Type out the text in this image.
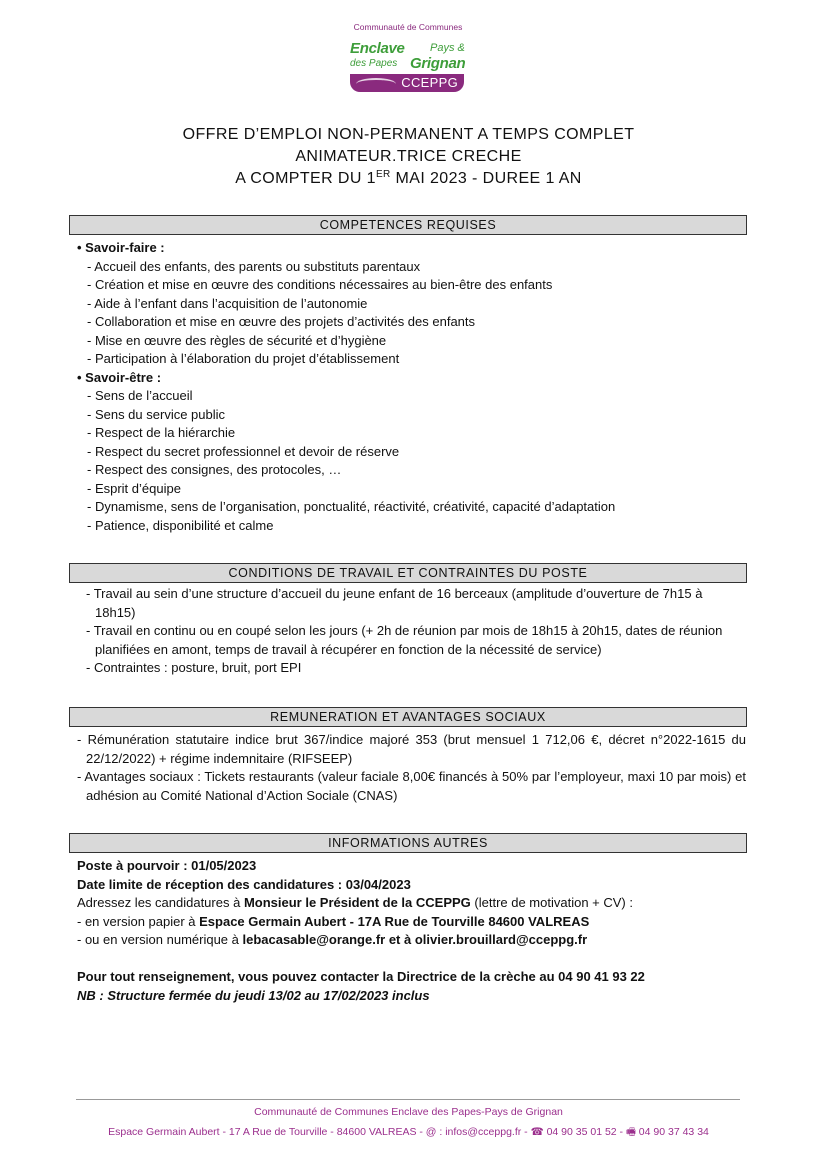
Communauté de Communes
Enclave Pays &
des Papes Grignan
CCEPPG
OFFRE D’EMPLOI NON-PERMANENT A TEMPS COMPLET
ANIMATEUR.TRICE CRECHE
A COMPTER DU 1ER MAI 2023 - DUREE 1 AN
COMPETENCES REQUISES
• Savoir-faire :
- Accueil des enfants, des parents ou substituts parentaux
- Création et mise en œuvre des conditions nécessaires au bien-être des enfants
- Aide à l’enfant dans l’acquisition de l’autonomie
- Collaboration et mise en œuvre des projets d’activités des enfants
- Mise en œuvre des règles de sécurité et d’hygiène
- Participation à l’élaboration du projet d’établissement
• Savoir-être :
- Sens de l’accueil
- Sens du service public
- Respect de la hiérarchie
- Respect du secret professionnel et devoir de réserve
- Respect des consignes, des protocoles, …
- Esprit d’équipe
- Dynamisme, sens de l’organisation, ponctualité, réactivité, créativité, capacité d’adaptation
- Patience, disponibilité et calme
CONDITIONS DE TRAVAIL ET CONTRAINTES DU POSTE
- Travail au sein d’une structure d’accueil du jeune enfant de 16 berceaux (amplitude d’ouverture de 7h15 à 18h15)
- Travail en continu ou en coupé selon les jours (+ 2h de réunion par mois de 18h15 à 20h15, dates de réunion planifiées en amont, temps de travail à récupérer en fonction de la nécessité de service)
- Contraintes : posture, bruit, port EPI
REMUNERATION ET AVANTAGES SOCIAUX
- Rémunération statutaire indice brut 367/indice majoré 353 (brut mensuel 1 712,06 €, décret n°2022-1615 du 22/12/2022) + régime indemnitaire (RIFSEEP)
- Avantages sociaux : Tickets restaurants (valeur faciale 8,00€ financés à 50% par l’employeur, maxi 10 par mois) et adhésion au Comité National d’Action Sociale (CNAS)
INFORMATIONS AUTRES
Poste à pourvoir : 01/05/2023
Date limite de réception des candidatures : 03/04/2023
Adressez les candidatures à Monsieur le Président de la CCEPPG (lettre de motivation + CV) :
- en version papier à Espace Germain Aubert - 17A Rue de Tourville 84600 VALREAS
- ou en version numérique à lebacasable@orange.fr et à olivier.brouillard@cceppg.fr
Pour tout renseignement, vous pouvez contacter la Directrice de la crèche au 04 90 41 93 22
NB : Structure fermée du jeudi 13/02 au 17/02/2023 inclus
Communauté de Communes Enclave des Papes-Pays de Grignan
Espace Germain Aubert - 17 A Rue de Tourville - 84600 VALREAS - @ : infos@cceppg.fr - ☎ 04 90 35 01 52 - 🖷 04 90 37 43 34
